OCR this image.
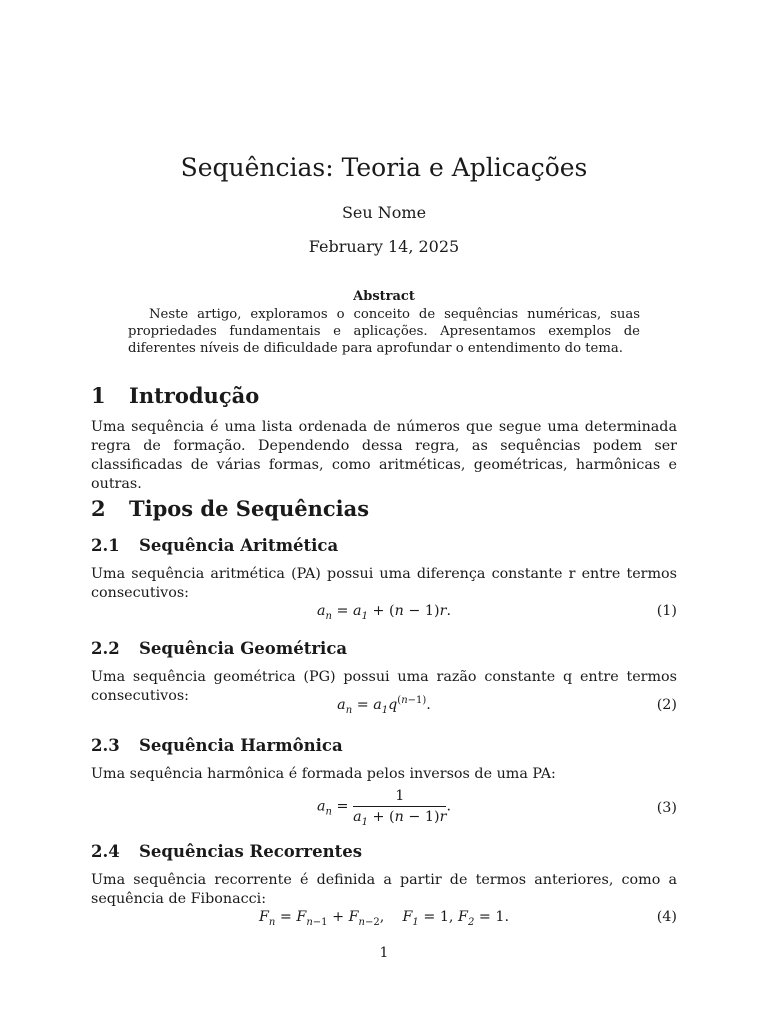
Sequências: Teoria e Aplicações
Seu Nome
February 14, 2025
Abstract

Neste artigo, exploramos o conceito de sequências numéricas, suas propriedades fundamentais e aplicações. Apresentamos exemplos de diferentes níveis de dificuldade para aprofundar o entendimento do tema.

1 Introdução

Uma sequência é uma lista ordenada de números que segue uma determinada regra de formação. Dependendo dessa regra, as sequências podem ser classificadas de várias formas, como aritméticas, geométricas, harmônicas e outras.

2 Tipos de Sequências
2.1 Sequência Aritmética

Uma sequência aritmética (PA) possui uma diferença constante r entre termos consecutivos:

$a_n = a_1 + (n - 1)r$.	(1)
2.2 Sequência Geométrica

Uma sequência geométrica (PG) possui uma razão constante q entre termos consecutivos:

$a_n = a_1q^{(n-1)}$.	(2)
2.3 Sequência Harmônica

Uma sequência harmônica é formada pelos inversos de uma PA:

$a_n = \frac{1}{a_1 + (n - 1)r}$ .	(3)
2.4 Sequências Recorrentes

Uma sequência recorrente é definida a partir de termos anteriores, como a sequência de Fibonacci:

$F_n = F_{n-1} + F_{n-2}$,    $F_1 = 1$, $F_2 = 1$.	(4)
1
